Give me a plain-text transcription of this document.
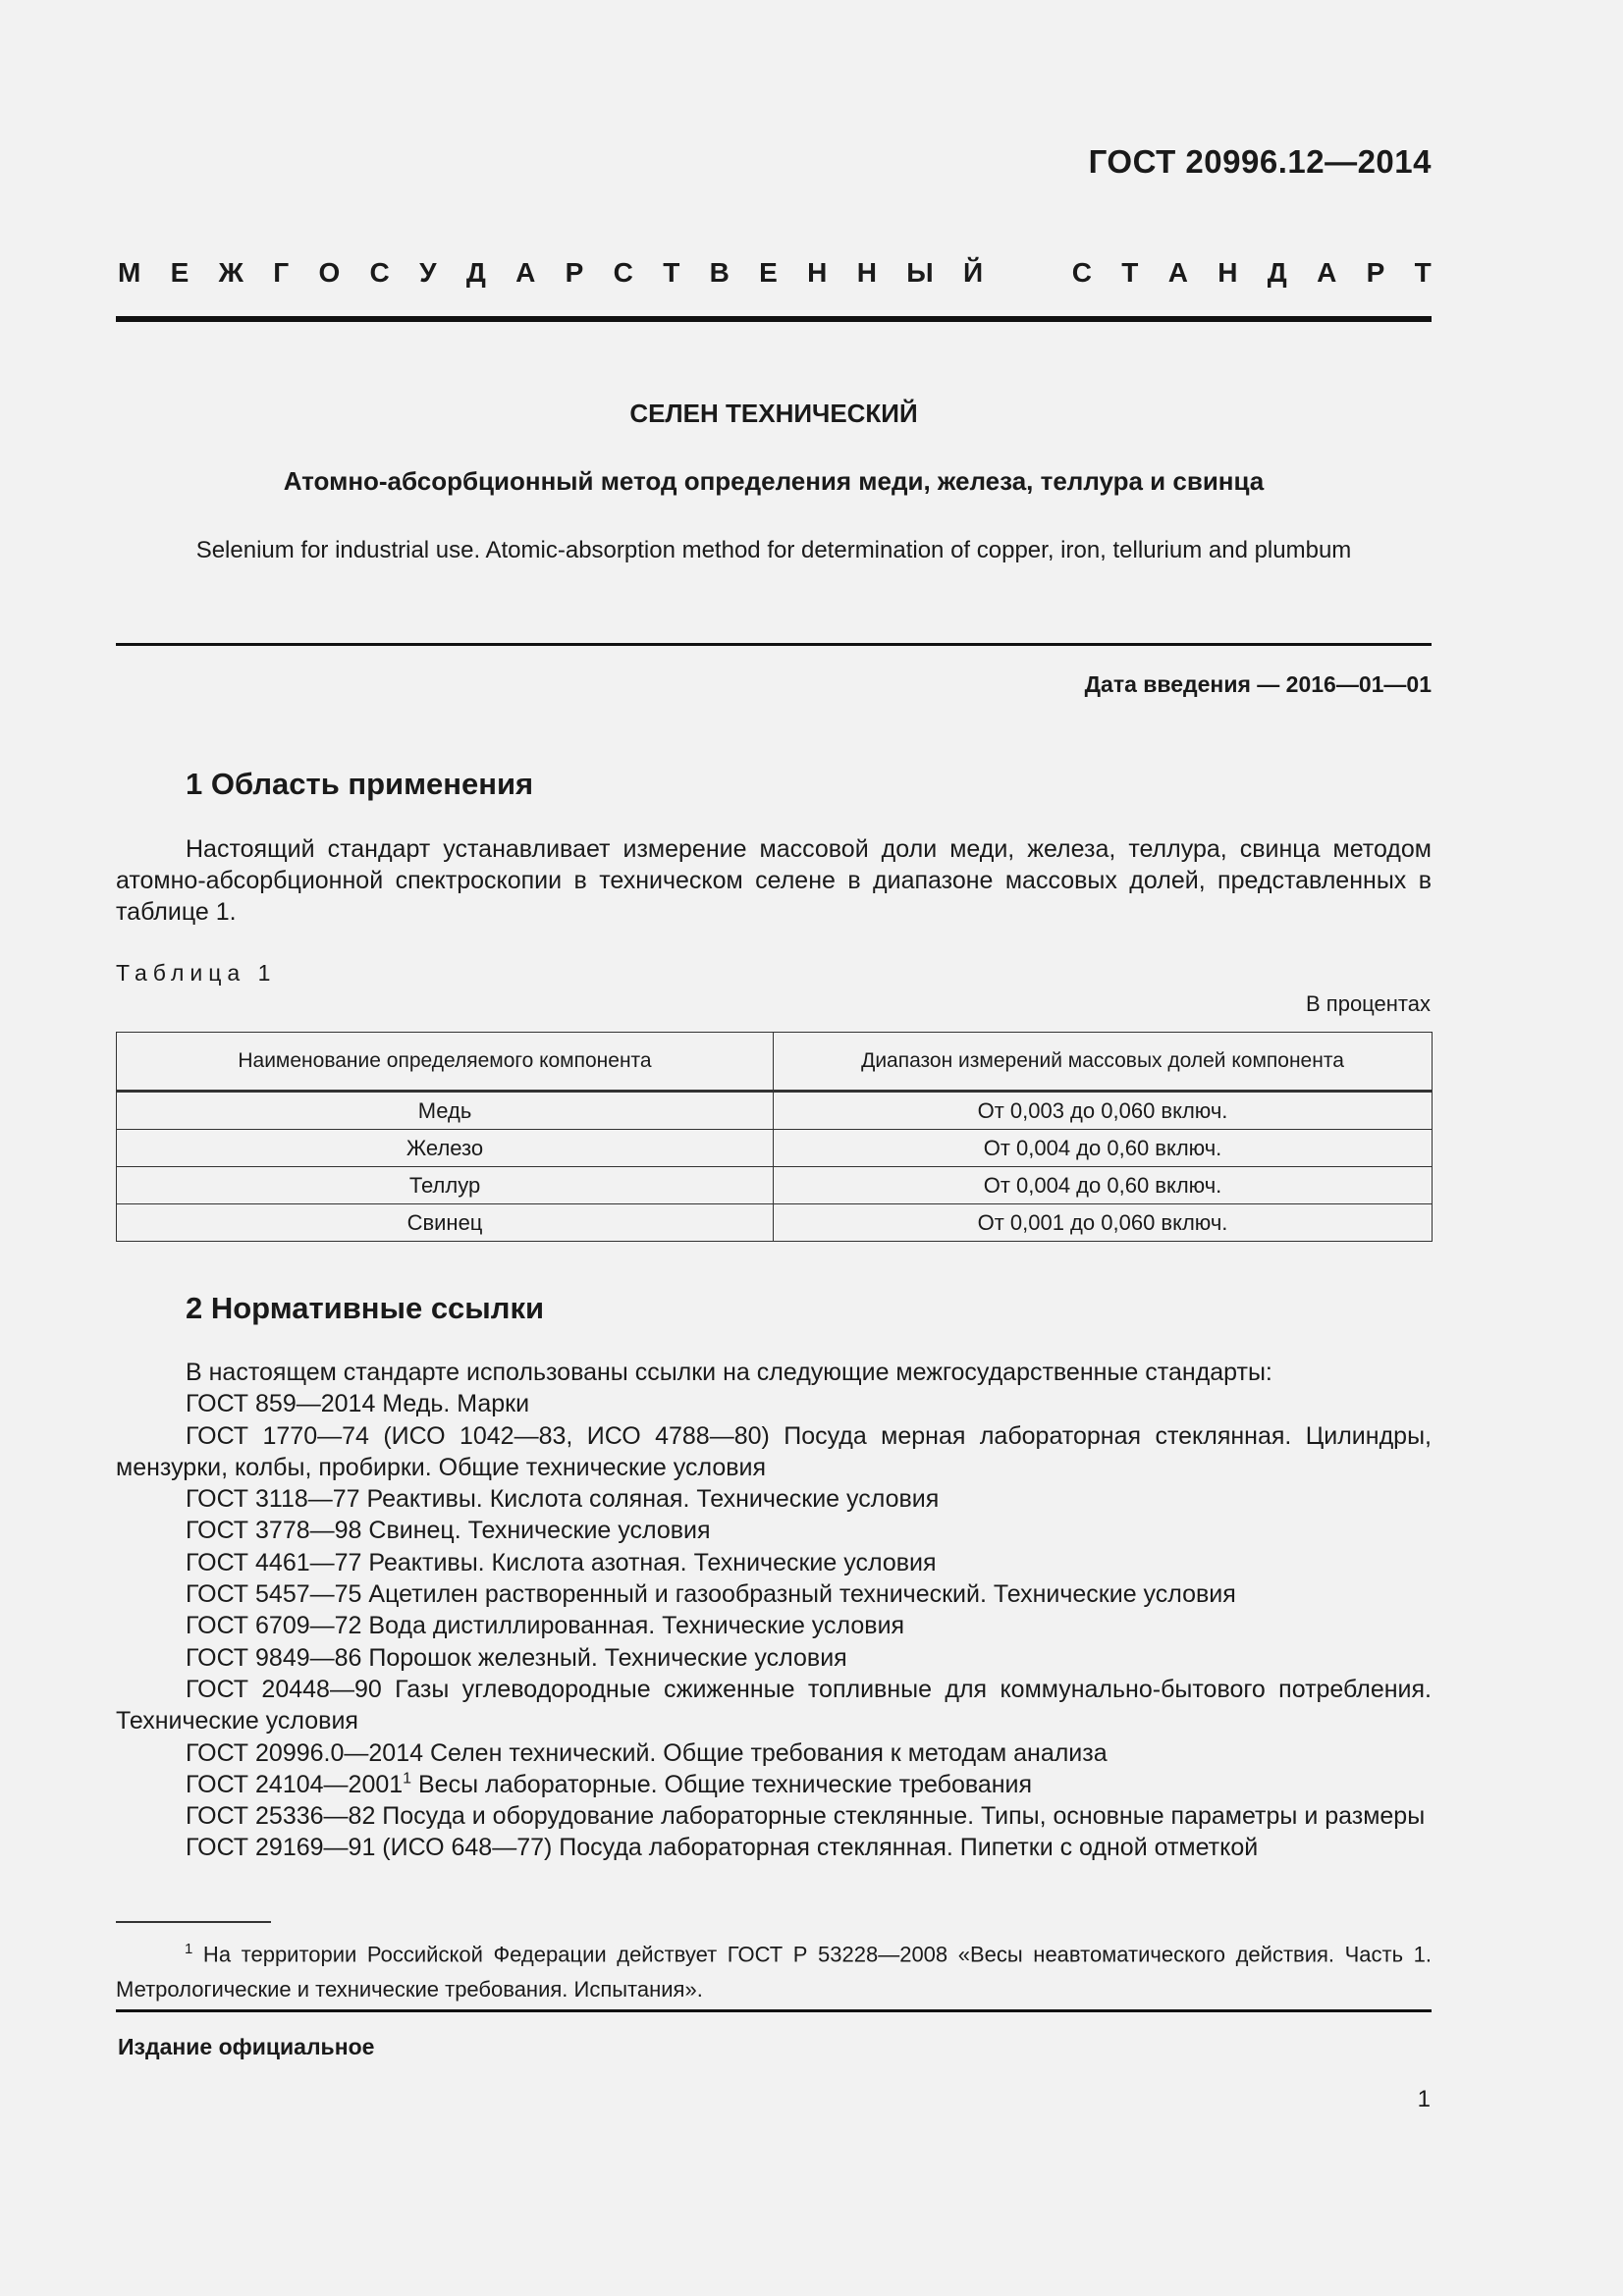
ГОСТ 20996.12—2014
М Е Ж Г О С У Д А Р С Т В Е Н Н Ы Й	С Т А Н Д А Р Т
СЕЛЕН ТЕХНИЧЕСКИЙ
Атомно-абсорбционный метод определения меди, железа, теллура и свинца
Selenium for industrial use. Atomic-absorption method for determination of copper, iron, tellurium and plumbum
Дата введения — 2016—01—01
1 Область применения

Настоящий стандарт устанавливает измерение массовой доли меди, железа, теллура, свинца методом атомно-абсорбционной спектроскопии в техническом селене в диапазоне массовых долей, представленных в таблице 1.

Таблица 1
В процентах
Наименование определяемого компонента	Диапазон измерений массовых долей компонента
Медь	От 0,003 до 0,060 включ.
Железо	От 0,004 до 0,60 включ.
Теллур	От 0,004 до 0,60 включ.
Свинец	От 0,001 до 0,060 включ.
2 Нормативные ссылки

В настоящем стандарте использованы ссылки на следующие межгосударственные стандарты:

ГОСТ 859—2014 Медь. Марки

ГОСТ 1770—74 (ИСО 1042—83, ИСО 4788—80) Посуда мерная лабораторная стеклянная. Цилиндры, мензурки, колбы, пробирки. Общие технические условия

ГОСТ 3118—77 Реактивы. Кислота соляная. Технические условия

ГОСТ 3778—98 Свинец. Технические условия

ГОСТ 4461—77 Реактивы. Кислота азотная. Технические условия

ГОСТ 5457—75 Ацетилен растворенный и газообразный технический. Технические условия

ГОСТ 6709—72 Вода дистиллированная. Технические условия

ГОСТ 9849—86 Порошок железный. Технические условия

ГОСТ 20448—90 Газы углеводородные сжиженные топливные для коммунально-бытового потребления. Технические условия

ГОСТ 20996.0—2014 Селен технический. Общие требования к методам анализа

ГОСТ 24104—2001$^1$ Весы лабораторные. Общие технические требования

ГОСТ 25336—82 Посуда и оборудование лабораторные стеклянные. Типы, основные параметры и размеры

ГОСТ 29169—91 (ИСО 648—77) Посуда лабораторная стеклянная. Пипетки с одной отметкой

$^1$ На территории Российской Федерации действует ГОСТ Р 53228—2008 «Весы неавтоматического действия. Часть 1. Метрологические и технические требования. Испытания».

Издание официальное
1
